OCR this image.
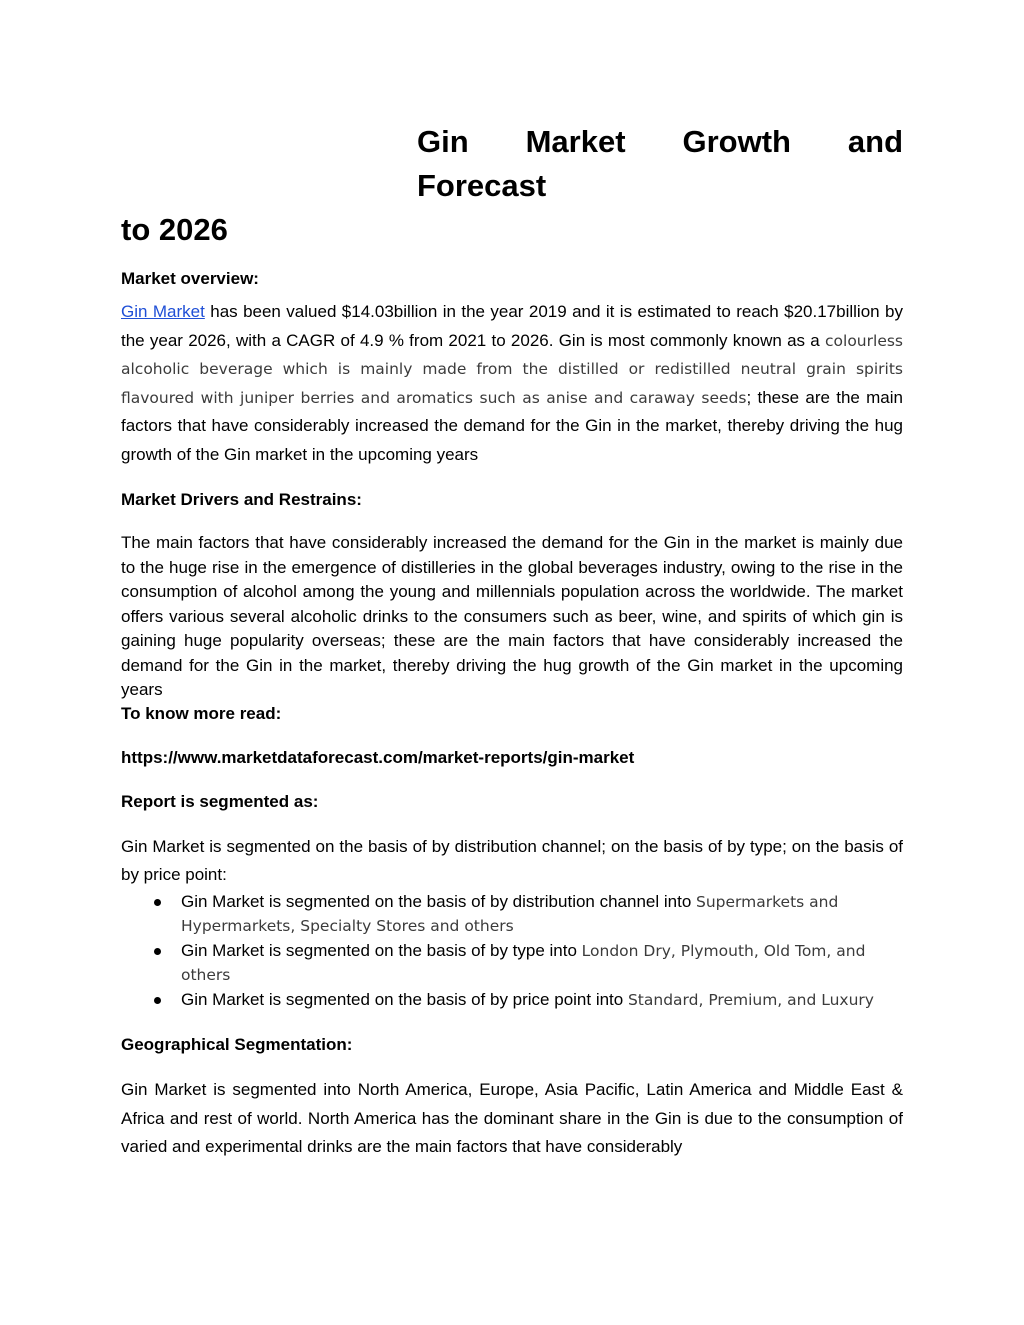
Gin Market Growth and Forecast
to 2026

Market overview:

Gin Market has been valued $14.03billion in the year 2019 and it is estimated to reach $20.17billion by the year 2026, with a CAGR of 4.9 % from 2021 to 2026. Gin is most commonly known as a colourless alcoholic beverage which is mainly made from the distilled or redistilled neutral grain spirits flavoured with juniper berries and aromatics such as anise and caraway seeds; these are the main factors that have considerably increased the demand for the Gin in the market, thereby driving the hug growth of the Gin market in the upcoming years

Market Drivers and Restrains:

The main factors that have considerably increased the demand for the Gin in the market is mainly due to the huge rise in the emergence of distilleries in the global beverages industry, owing to the rise in the consumption of alcohol among the young and millennials population across the worldwide. The market offers various several alcoholic drinks to the consumers such as beer, wine, and spirits of which gin is gaining huge popularity overseas; these are the main factors that have considerably increased the demand for the Gin in the market, thereby driving the hug growth of the Gin market in the upcoming years

To know more read:

https://www.marketdataforecast.com/market-reports/gin-market

Report is segmented as:

Gin Market is segmented on the basis of by distribution channel; on the basis of by type; on the basis of by price point:

Gin Market is segmented on the basis of by distribution channel into Supermarkets and Hypermarkets, Specialty Stores and others
Gin Market is segmented on the basis of by type into London Dry, Plymouth, Old Tom, and others
Gin Market is segmented on the basis of by price point into Standard, Premium, and Luxury

Geographical Segmentation:

Gin Market is segmented into North America, Europe, Asia Pacific, Latin America and Middle East & Africa and rest of world. North America has the dominant share in the Gin is due to the consumption of varied and experimental drinks are the main factors that have considerably
